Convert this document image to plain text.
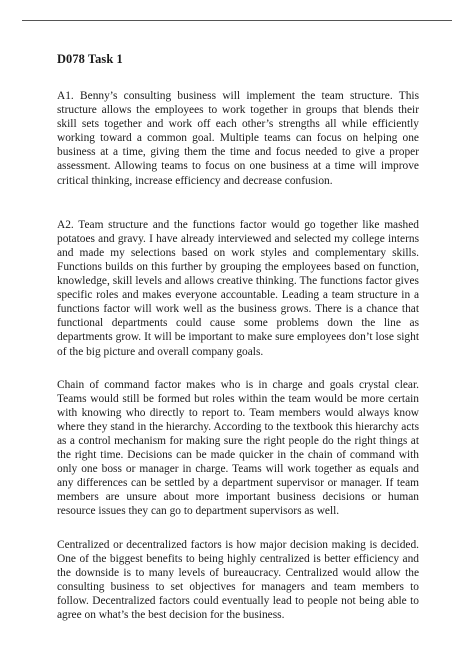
D078 Task 1

A1. Benny’s consulting business will implement the team structure. This structure allows the employees to work together in groups that blends their skill sets together and work off each other’s strengths all while efficiently working toward a common goal. Multiple teams can focus on helping one business at a time, giving them the time and focus needed to give a proper assessment. Allowing teams to focus on one business at a time will improve critical thinking, increase efficiency and decrease confusion.

A2. Team structure and the functions factor would go together like mashed potatoes and gravy. I have already interviewed and selected my college interns and made my selections based on work styles and complementary skills. Functions builds on this further by grouping the employees based on function, knowledge, skill levels and allows creative thinking. The functions factor gives specific roles and makes everyone accountable. Leading a team structure in a functions factor will work well as the business grows. There is a chance that functional departments could cause some problems down the line as departments grow. It will be important to make sure employees don’t lose sight of the big picture and overall company goals.

Chain of command factor makes who is in charge and goals crystal clear. Teams would still be formed but roles within the team would be more certain with knowing who directly to report to. Team members would always know where they stand in the hierarchy. According to the textbook this hierarchy acts as a control mechanism for making sure the right people do the right things at the right time. Decisions can be made quicker in the chain of command with only one boss or manager in charge. Teams will work together as equals and any differences can be settled by a department supervisor or manager. If team members are unsure about more important business decisions or human resource issues they can go to department supervisors as well.

Centralized or decentralized factors is how major decision making is decided. One of the biggest benefits to being highly centralized is better efficiency and the downside is to many levels of bureaucracy. Centralized would allow the consulting business to set objectives for managers and team members to follow. Decentralized factors could eventually lead to people not being able to agree on what’s the best decision for the business.
